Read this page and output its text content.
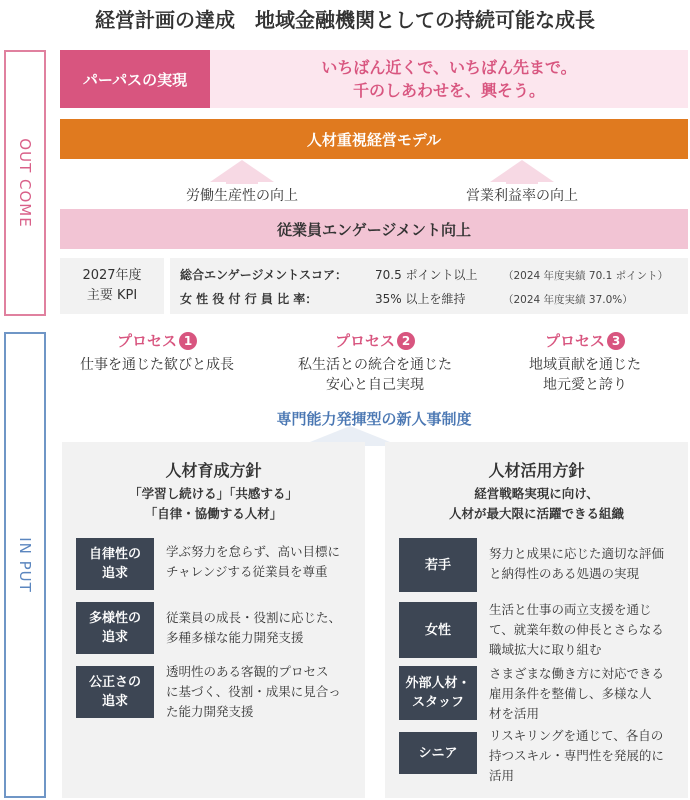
経営計画の達成　地域金融機関としての持続可能な成長
OUT COME
IN PUT
パーパスの実現
いちばん近くで、いちばん先まで。
千のしあわせを、興そう。
人材重視経営モデル
労働生産性の向上	営業利益率の向上
従業員エンゲージメント向上
2027年度
主要 KPI
総合エンゲージメントスコア： 70.5 ポイント以上 （2024 年度実績 70.1 ポイント）
女 性 役 付 行 員 比 率：	35% 以上を維持	（2024 年度実績 37.0%）
プロセス 1
仕事を通じた歓びと成長
プロセス 2
私生活との統合を通じた
安心と自己実現
プロセス 3
地域貢献を通じた
地元愛と誇り
専門能力発揮型の新人事制度
人材育成方針
「学習し続ける」「共感する」
「自律・協働する人材」
自律性の
追求
学ぶ努力を怠らず、高い目標に
チャレンジする従業員を尊重
多様性の
追求
従業員の成長・役割に応じた、
多種多様な能力開発支援
公正さの
追求
透明性のある客観的プロセス
に基づく、役割・成果に見合っ
た能力開発支援
人材活用方針
経営戦略実現に向け、
人材が最大限に活躍できる組織
若手
努力と成果に応じた適切な評価
と納得性のある処遇の実現
女性
生活と仕事の両立支援を通じ
て、就業年数の伸長とさらなる
職域拡大に取り組む
外部人材・
スタッフ
さまざまな働き方に対応できる
雇用条件を整備し、多様な人
材を活用
シニア
リスキリングを通じて、各自の
持つスキル・専門性を発展的に
活用
